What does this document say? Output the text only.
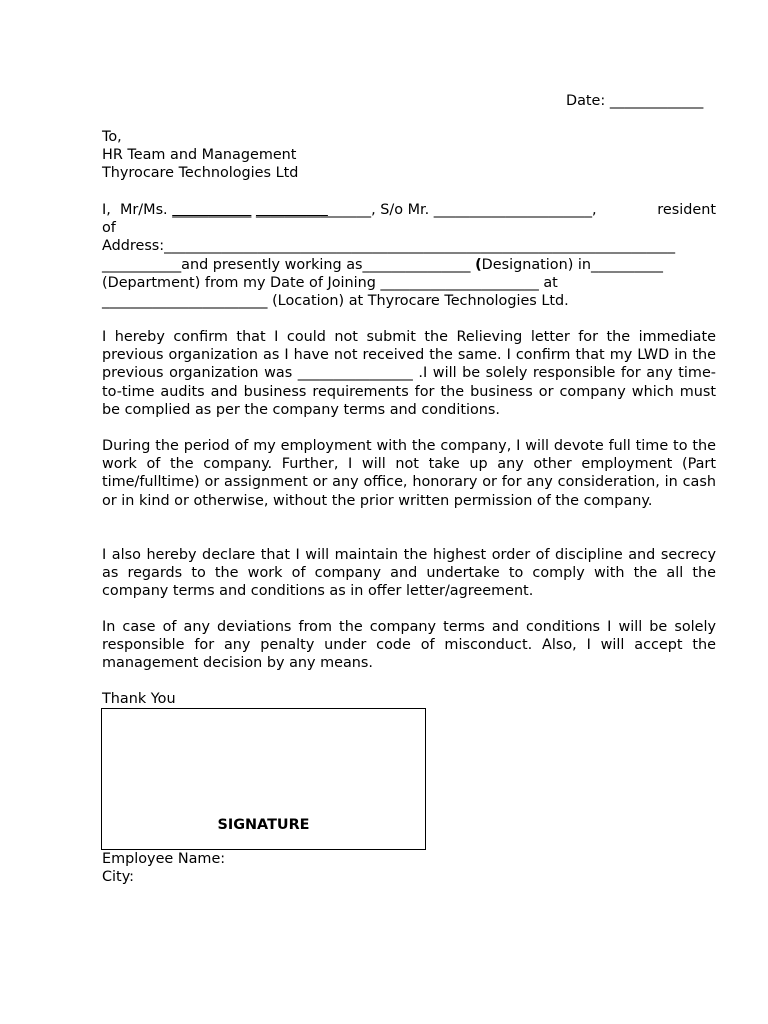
Date: _____________
To,
HR Team and Management
Thyrocare Technologies Ltd
I,  Mr/Ms. ___________ ________________, S/o Mr. ______________________,	resident
of
Address:_______________________________________________________________________
___________and presently working as_______________ (Designation) in__________
(Department) from my Date of Joining ______________________ at
_______________________ (Location) at Thyrocare Technologies Ltd.
I hereby confirm that I could not submit the Relieving letter for the immediate previous organization as I have not received the same. I confirm that my LWD in the previous organization was ________________ .I will be solely responsible for any time-to-time audits and business requirements for the business or company which must be complied as per the company terms and conditions.
During the period of my employment with the company, I will devote full time to the work of the company. Further, I will not take up any other employment (Part time/fulltime) or assignment or any office, honorary or for any consideration, in cash or in kind or otherwise, without the prior written permission of the company.
I also hereby declare that I will maintain the highest order of discipline and secrecy as regards to the work of company and undertake to comply with the all the company terms and conditions as in offer letter/agreement.
In case of any deviations from the company terms and conditions I will be solely responsible for any penalty under code of misconduct. Also, I will accept the management decision by any means.
Thank You
SIGNATURE
Employee Name:
City:
